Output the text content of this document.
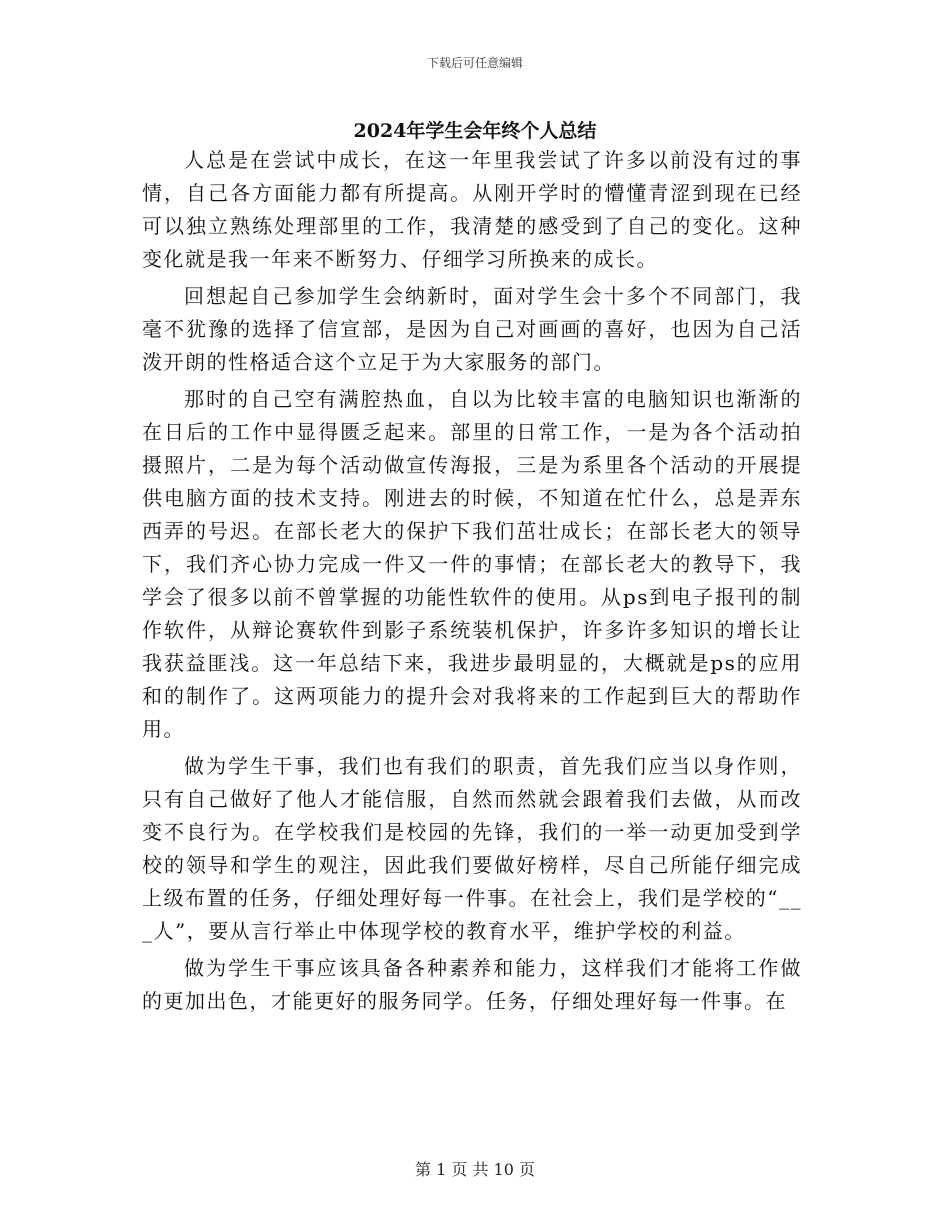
下载后可任意编辑
2024年学生会年终个人总结

人总是在尝试中成长，在这一年里我尝试了许多以前没有过的事情，自己各方面能力都有所提高。从刚开学时的懵懂青涩到现在已经可以独立熟练处理部里的工作，我清楚的感受到了自己的变化。这种变化就是我一年来不断努力、仔细学习所换来的成长。

回想起自己参加学生会纳新时，面对学生会十多个不同部门，我毫不犹豫的选择了信宣部，是因为自己对画画的喜好，也因为自己活泼开朗的性格适合这个立足于为大家服务的部门。

那时的自己空有满腔热血，自以为比较丰富的电脑知识也渐渐的在日后的工作中显得匮乏起来。部里的日常工作，一是为各个活动拍摄照片，二是为每个活动做宣传海报，三是为系里各个活动的开展提供电脑方面的技术支持。刚进去的时候，不知道在忙什么，总是弄东西弄的号迟。在部长老大的保护下我们茁壮成长；在部长老大的领导下，我们齐心协力完成一件又一件的事情；在部长老大的教导下，我学会了很多以前不曾掌握的功能性软件的使用。从ps到电子报刊的制作软件，从辩论赛软件到影子系统装机保护，许多许多知识的增长让我获益匪浅。这一年总结下来，我进步最明显的，大概就是ps的应用和的制作了。这两项能力的提升会对我将来的工作起到巨大的帮助作用。

做为学生干事，我们也有我们的职责，首先我们应当以身作则，只有自己做好了他人才能信服，自然而然就会跟着我们去做，从而改变不良行为。在学校我们是校园的先锋，我们的一举一动更加受到学校的领导和学生的观注，因此我们要做好榜样，尽自己所能仔细完成上级布置的任务，仔细处理好每一件事。在社会上，我们是学校的“___人”，要从言行举止中体现学校的教育水平，维护学校的利益。

做为学生干事应该具备各种素养和能力，这样我们才能将工作做的更加出色，才能更好的服务同学。任务，仔细处理好每一件事。在

第 1 页 共 10 页
